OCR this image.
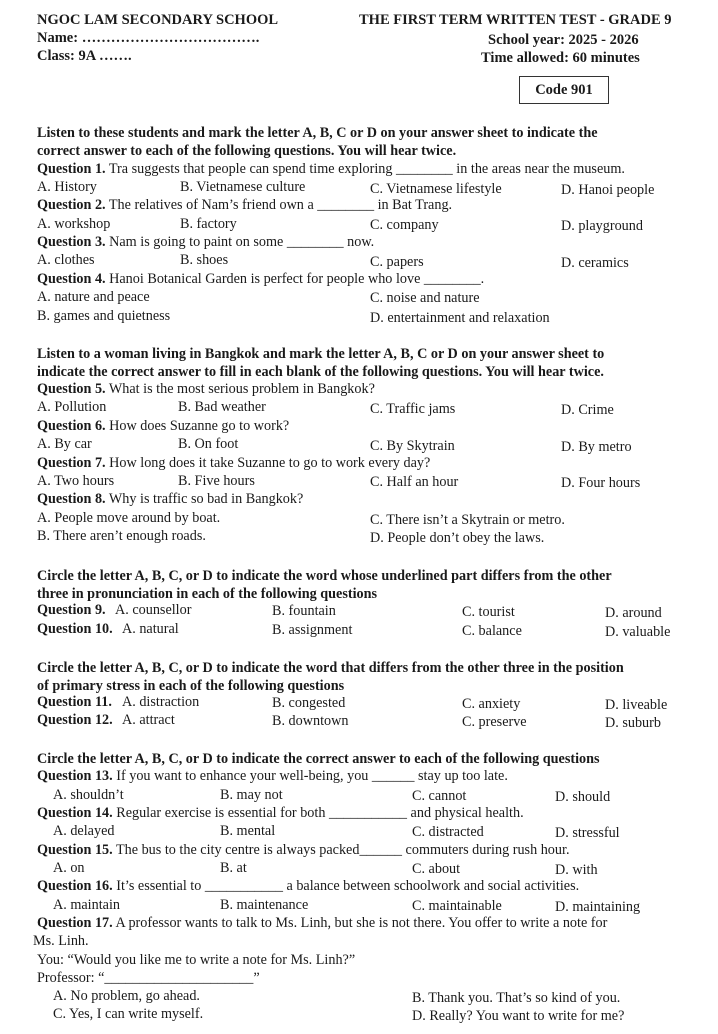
NGOC LAM SECONDARY SCHOOL
Name: ……………………………….
Class: 9A …….
THE FIRST TERM WRITTEN TEST - GRADE 9
School year: 2025 - 2026
Time allowed: 60 minutes
Code 901
Listen to these students and mark the letter A, B, C or D on your answer sheet to indicate the
correct answer to each of the following questions. You will hear twice.
Question 1. Tra suggests that people can spend time exploring ________ in the areas near the museum.
A. History	B. Vietnamese culture	C. Vietnamese lifestyle	D. Hanoi people
Question 2. The relatives of Nam’s friend own a ________ in Bat Trang.
A. workshop	B. factory	C. company	D. playground
Question 3. Nam is going to paint on some ________ now.
A. clothes	B. shoes	C. papers	D. ceramics
Question 4. Hanoi Botanical Garden is perfect for people who love ________.
A. nature and peace	C. noise and nature
B. games and quietness	D. entertainment and relaxation
Listen to a woman living in Bangkok and mark the letter A, B, C or D on your answer sheet to
indicate the correct answer to fill in each blank of the following questions. You will hear twice.
Question 5. What is the most serious problem in Bangkok?
A. Pollution	B. Bad weather	C. Traffic jams	D. Crime
Question 6. How does Suzanne go to work?
A. By car	B. On foot	C. By Skytrain	D. By metro
Question 7. How long does it take Suzanne to go to work every day?
A. Two hours	B. Five hours	C. Half an hour	D. Four hours
Question 8. Why is traffic so bad in Bangkok?
A. People move around by boat.	C. There isn’t a Skytrain or metro.
B. There aren’t enough roads.	D. People don’t obey the laws.
Circle the letter A, B, C, or D to indicate the word whose underlined part differs from the other
three in pronunciation in each of the following questions
Question 9. A. counsellor	B. fountain	C. tourist	D. around
Question 10. A. natural	B. assignment	C. balance	D. valuable
Circle the letter A, B, C, or D to indicate the word that differs from the other three in the position
of primary stress in each of the following questions
Question 11. A. distraction	B. congested	C. anxiety	D. liveable
Question 12. A. attract	B. downtown	C. preserve	D. suburb
Circle the letter A, B, C, or D to indicate the correct answer to each of the following questions
Question 13. If you want to enhance your well-being, you ______ stay up too late.
A. shouldn’t	B. may not	C. cannot	D. should
Question 14. Regular exercise is essential for both ___________ and physical health.
A. delayed	B. mental	C. distracted	D. stressful
Question 15. The bus to the city centre is always packed______ commuters during rush hour.
A. on	B. at	C. about	D. with
Question 16. It’s essential to ___________ a balance between schoolwork and social activities.
A. maintain	B. maintenance	C. maintainable	D. maintaining
Question 17. A professor wants to talk to Ms. Linh, but she is not there. You offer to write a note for
Ms. Linh.
You: “Would you like me to write a note for Ms. Linh?”
Professor: “_____________________”
A. No problem, go ahead.	B. Thank you. That’s so kind of you.
C. Yes, I can write myself.	D. Really? You want to write for me?
